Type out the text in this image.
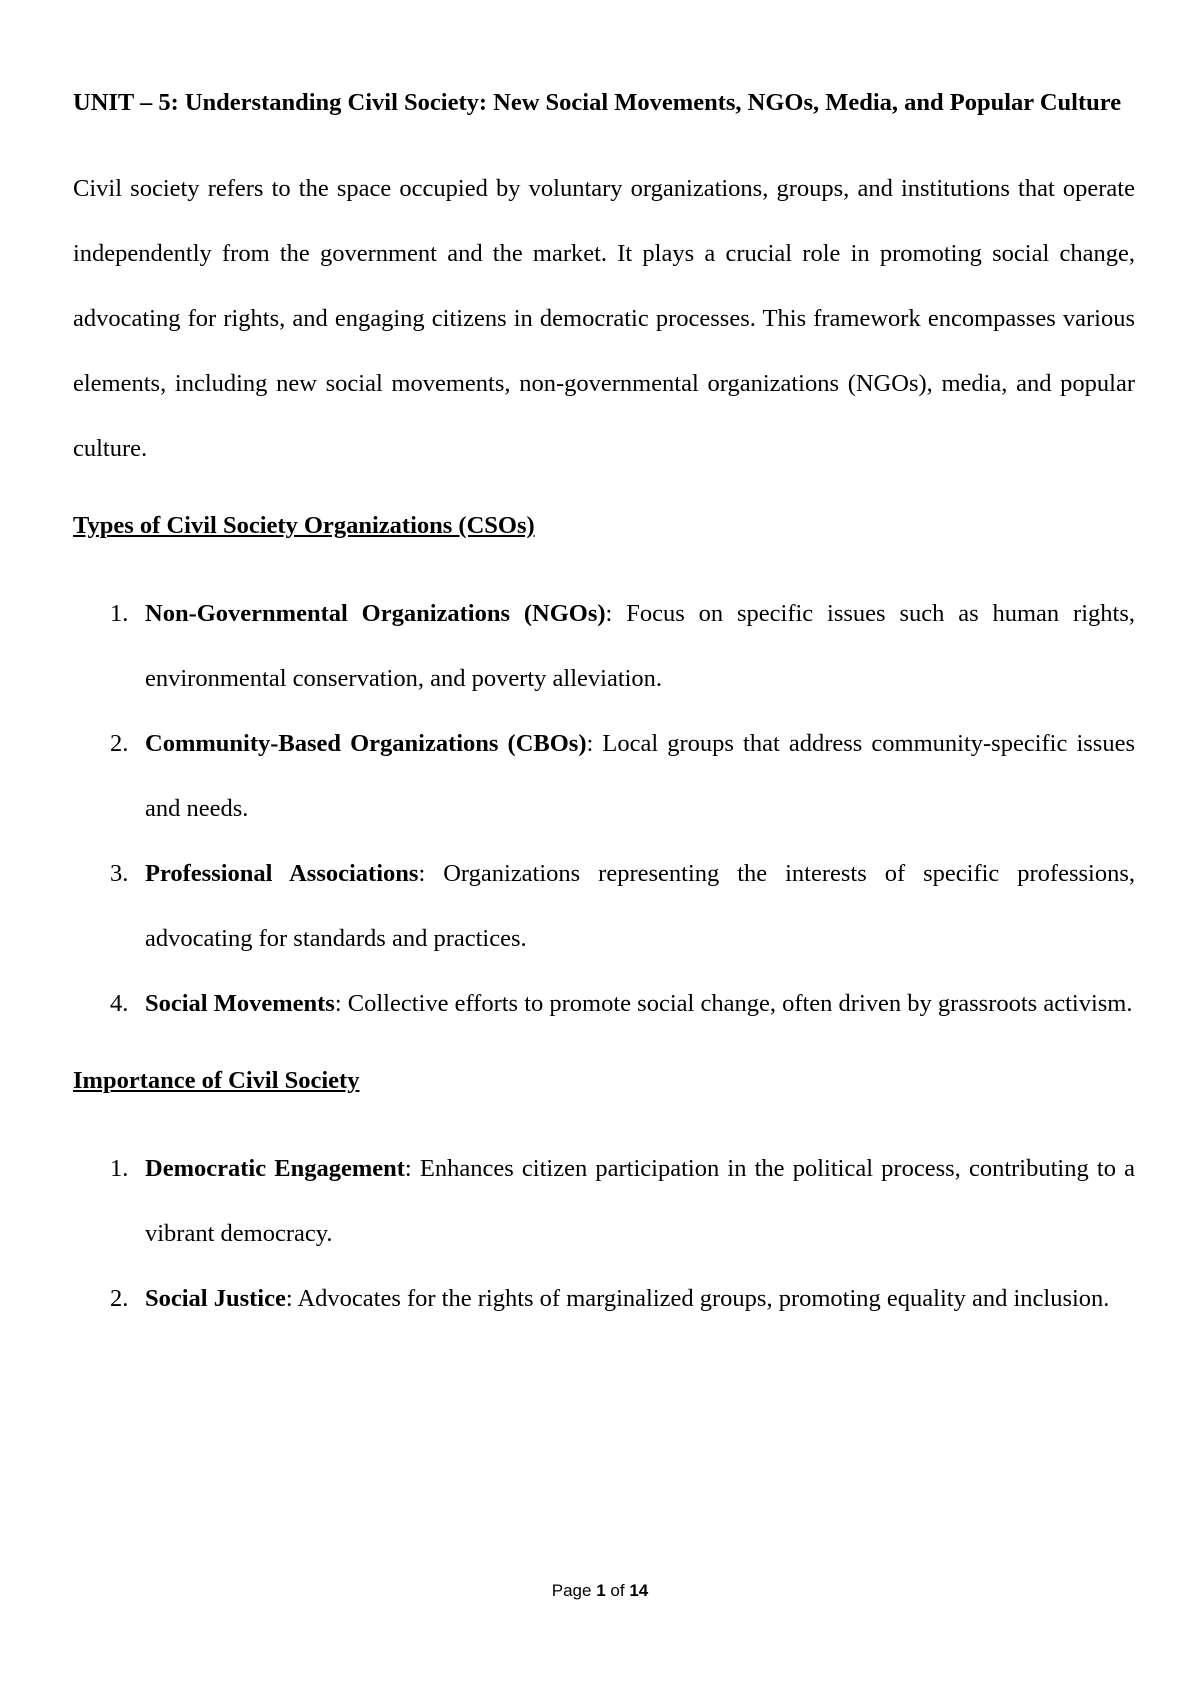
UNIT – 5: Understanding Civil Society: New Social Movements, NGOs, Media, and Popular Culture

Civil society refers to the space occupied by voluntary organizations, groups, and institutions that operate independently from the government and the market. It plays a crucial role in promoting social change, advocating for rights, and engaging citizens in democratic processes. This framework encompasses various elements, including new social movements, non-governmental organizations (NGOs), media, and popular culture.

Types of Civil Society Organizations (CSOs)

1. Non-Governmental Organizations (NGOs): Focus on specific issues such as human rights, environmental conservation, and poverty alleviation.
2. Community-Based Organizations (CBOs): Local groups that address community-specific issues and needs.
3. Professional Associations: Organizations representing the interests of specific professions, advocating for standards and practices.
4. Social Movements: Collective efforts to promote social change, often driven by grassroots activism.

Importance of Civil Society

1. Democratic Engagement: Enhances citizen participation in the political process, contributing to a vibrant democracy.
2. Social Justice: Advocates for the rights of marginalized groups, promoting equality and inclusion.
Page 1 of 14
